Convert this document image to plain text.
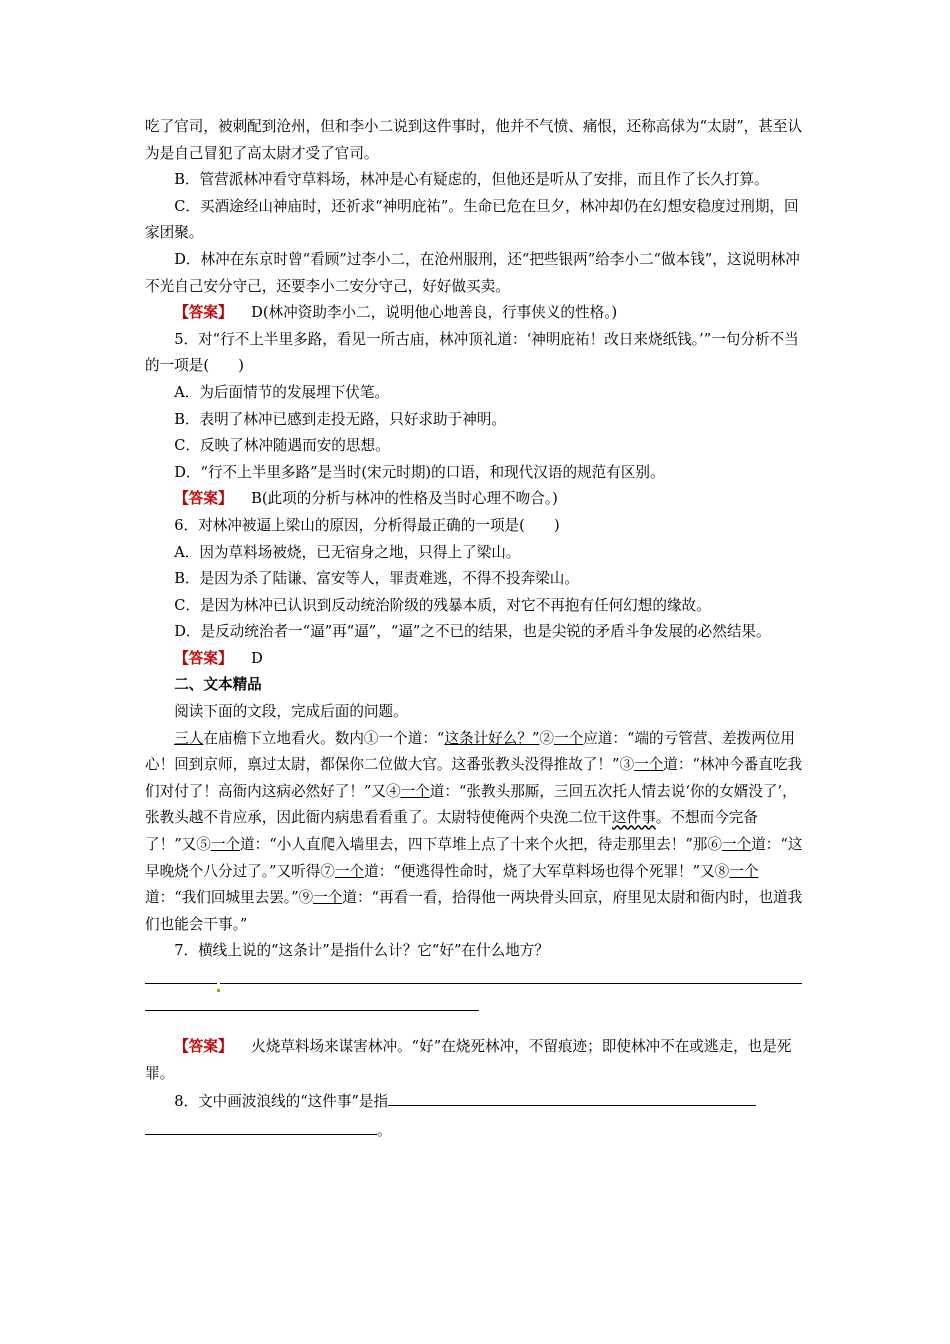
吃了官司，被刺配到沧州，但和李小二说到这件事时，他并不气愤、痛恨，还称高俅为“太尉”，甚至认为是自己冒犯了高太尉才受了官司。

B．管营派林冲看守草料场，林冲是心有疑虑的，但他还是听从了安排，而且作了长久打算。

C．买酒途经山神庙时，还祈求“神明庇祐”。生命已危在旦夕，林冲却仍在幻想安稳度过刑期，回家团聚。

D．林冲在东京时曾“看顾”过李小二，在沧州服刑，还“把些银两”给李小二“做本钱”，这说明林冲不光自己安分守己，还要李小二安分守己，好好做买卖。

【答案】 D(林冲资助李小二，说明他心地善良，行事侠义的性格。)

5．对“行不上半里多路，看见一所古庙，林冲顶礼道：‘神明庇祐！改日来烧纸钱。’”一句分析不当的一项是(　　)

A．为后面情节的发展埋下伏笔。

B．表明了林冲已感到走投无路，只好求助于神明。

C．反映了林冲随遇而安的思想。

D．“行不上半里多路”是当时(宋元时期)的口语，和现代汉语的规范有区别。

【答案】 B(此项的分析与林冲的性格及当时心理不吻合。)

6．对林冲被逼上梁山的原因，分析得最正确的一项是(　　)

A．因为草料场被烧，已无宿身之地，只得上了梁山。

B．是因为杀了陆谦、富安等人，罪责难逃，不得不投奔梁山。

C．是因为林冲已认识到反动统治阶级的残暴本质，对它不再抱有任何幻想的缘故。

D．是反动统治者一“逼”再“逼”，“逼”之不已的结果，也是尖锐的矛盾斗争发展的必然结果。

【答案】 D

二、文本精品

阅读下面的文段，完成后面的问题。

三人在庙檐下立地看火。数内①一个道：“这条计好么？”②一个应道：“端的亏管营、差拨两位用心！回到京师，禀过太尉，都保你二位做大官。这番张教头没得推故了！”③一个道：“林冲今番直吃我们对付了！高衙内这病必然好了！”又④一个道：“张教头那厮，三回五次托人情去说‘你的女婿没了’，张教头越不肯应承，因此衙内病患看看重了。太尉特使俺两个央浼二位干这件事。不想而今完备了！”又⑤一个道：“小人直爬入墙里去，四下草堆上点了十来个火把，待走那里去！”那⑥一个道：“这早晚烧个八分过了。”又听得⑦一个道：“便逃得性命时，烧了大军草料场也得个死罪！”又⑧一个道：“我们回城里去罢。”⑨一个道：“再看一看，拾得他一两块骨头回京，府里见太尉和衙内时，也道我们也能会干事。”

7．横线上说的“这条计”是指什么计？它“好”在什么地方？

【答案】 火烧草料场来谋害林冲。“好”在烧死林冲，不留痕迹；即使林冲不在或逃走，也是死罪。

8．文中画波浪线的“这件事”是指

。
